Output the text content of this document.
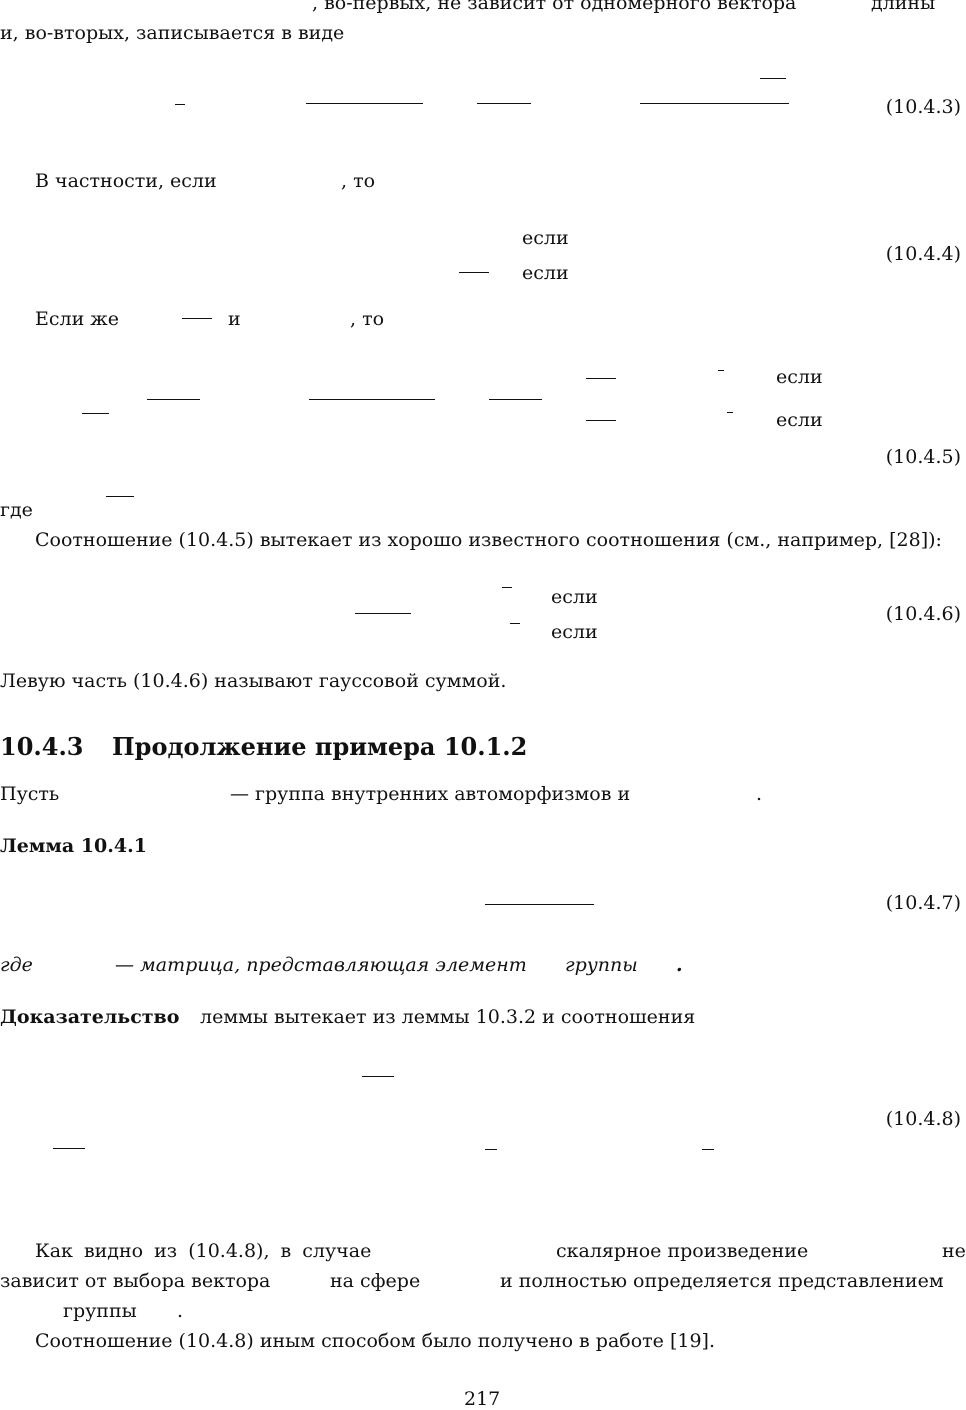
, во-первых, не зависит от одномерного вектора	длины
и, во-вторых, записывается в виде
(10.4.3)
В частности, если	, то
если
если
(10.4.4)
Если же	и	, то
если
если
(10.4.5)
где
Соотношение (10.4.5) вытекает из хорошо известного соотношения (см., например, [28]):
если
если
(10.4.6)
Левую часть (10.4.6) называют гауссовой суммой.
10.4.3 Продолжение примера 10.1.2
Пусть	— группа внутренних автоморфизмов и	.
Лемма 10.4.1
(10.4.7)
где	— матрица, представляющая элемент группы .
Доказательство леммы вытекает из леммы 10.3.2 и соотношения
(10.4.8)
Как видно из (10.4.8), в случае	скалярное произведение	не
зависит от выбора вектора	на сфере	и полностью определяется представлением
группы .
Соотношение (10.4.8) иным способом было получено в работе [19].
217
